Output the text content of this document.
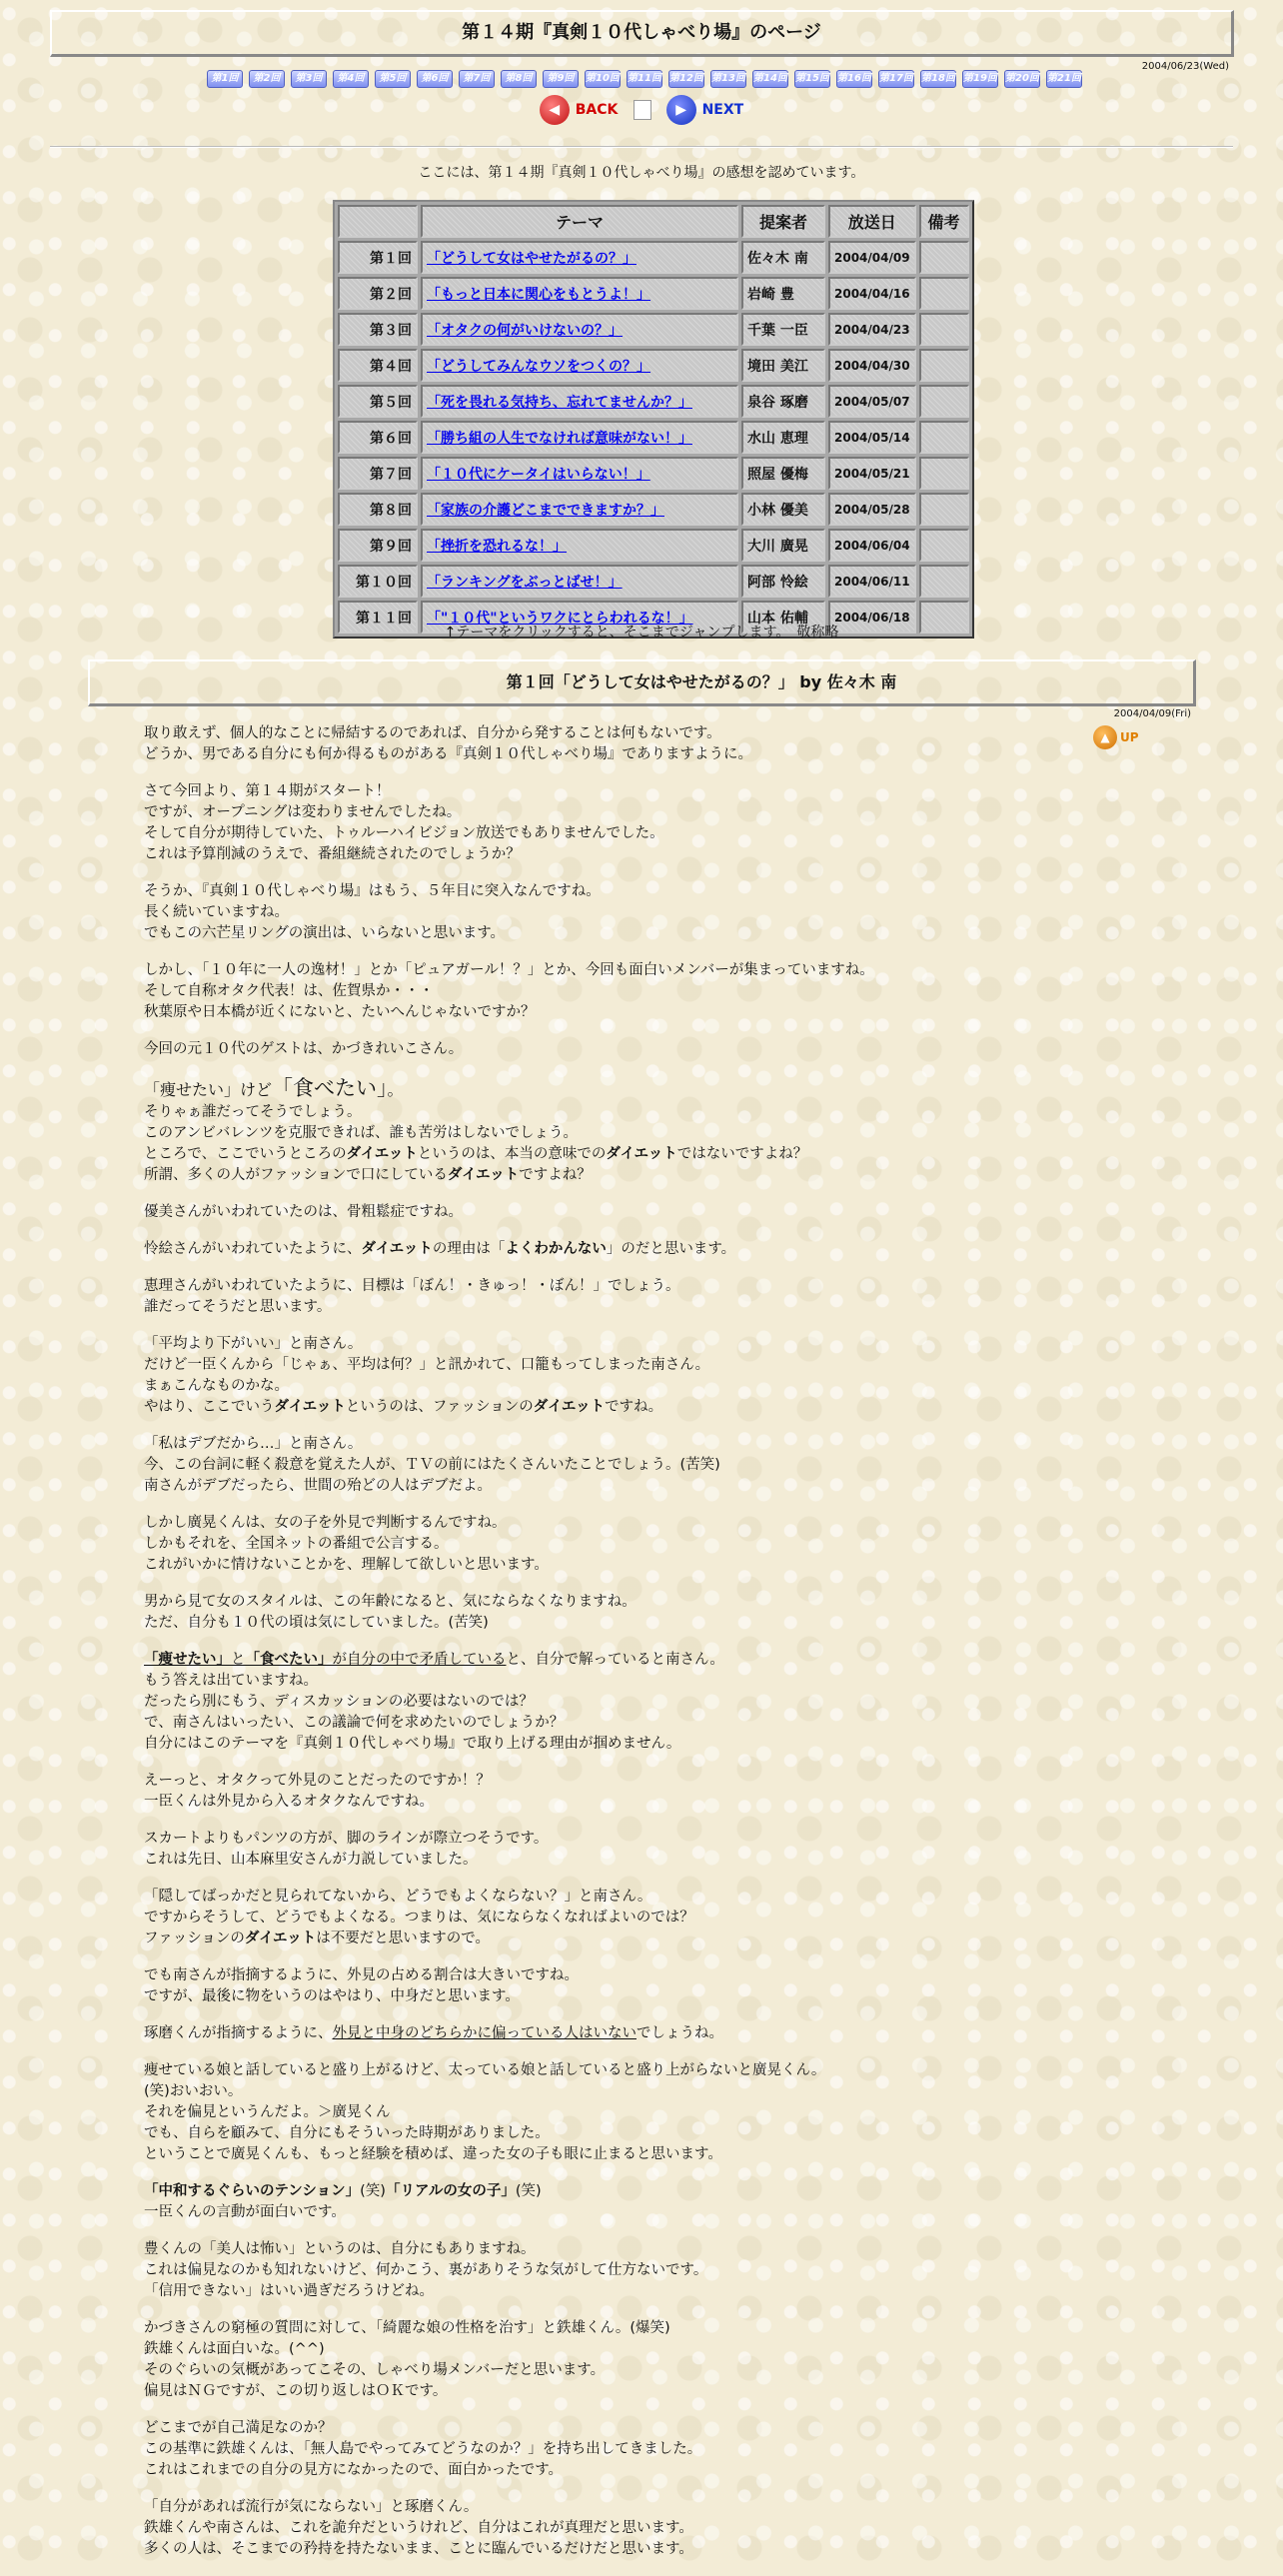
第１４期『真剣１０代しゃべり場』のページ
2004/06/23(Wed)
第1回 第2回 第3回 第4回 第5回 第6回 第7回 第8回 第9回 第10回 第11回 第12回 第13回 第14回 第15回 第16回 第17回 第18回 第19回 第20回 第21回
◀	BACK
	▶	NEXT
ここには、第１４期『真剣１０代しゃべり場』の感想を認めています。
	テーマ	提案者	放送日	備考
第１回	「どうして女はやせたがるの？」	佐々木 南	2004/04/09	
第２回	「もっと日本に関心をもとうよ！」	岩崎 豊	2004/04/16	
第３回	「オタクの何がいけないの？」	千葉 一臣	2004/04/23	
第４回	「どうしてみんなウソをつくの？」	境田 美江	2004/04/30	
第５回	「死を畏れる気持ち、忘れてませんか？」	泉谷 琢磨	2004/05/07	
第６回	「勝ち組の人生でなければ意味がない！」	水山 恵理	2004/05/14	
第７回	「１０代にケータイはいらない！」	照屋 優梅	2004/05/21	
第８回	「家族の介護どこまでできますか？」	小林 優美	2004/05/28	
第９回	「挫折を恐れるな！」	大川 廣晃	2004/06/04	
第１０回	「ランキングをぶっとばせ！」	阿部 怜絵	2004/06/11	
第１１回	「"１０代"というワクにとらわれるな！」	山本 佑輔	2004/06/18	
↑テーマをクリックすると、そこまでジャンプします。　敬称略
第１回「どうして女はやせたがるの？」 by 佐々木 南
2004/04/09(Fri)
▲ UP

取り敢えず、個人的なことに帰結するのであれば、自分から発することは何もないです。
どうか、男である自分にも何か得るものがある『真剣１０代しゃべり場』でありますように。

さて今回より、第１４期がスタート！
ですが、オープニングは変わりませんでしたね。
そして自分が期待していた、トゥルーハイビジョン放送でもありませんでした。
これは予算削減のうえで、番組継続されたのでしょうか？

そうか、『真剣１０代しゃべり場』はもう、５年目に突入なんですね。
長く続いていますね。
でもこの六芒星リングの演出は、いらないと思います。

しかし、「１０年に一人の逸材！」とか「ピュアガール！？」とか、今回も面白いメンバーが集まっていますね。
そして自称オタク代表！は、佐賀県か・・・
秋葉原や日本橋が近くにないと、たいへんじゃないですか？

今回の元１０代のゲストは、かづきれいこさん。

「痩せたい」けど「食べたい」。

そりゃぁ誰だってそうでしょう。
このアンビバレンツを克服できれば、誰も苦労はしないでしょう。
ところで、ここでいうところのダイエットというのは、本当の意味でのダイエットではないですよね？
所謂、多くの人がファッションで口にしているダイエットですよね？

優美さんがいわれていたのは、骨粗鬆症ですね。

怜絵さんがいわれていたように、ダイエットの理由は「よくわかんない」のだと思います。

恵理さんがいわれていたように、目標は「ぼん！・きゅっ！・ぼん！」でしょう。
誰だってそうだと思います。

「平均より下がいい」と南さん。
だけど一臣くんから「じゃぁ、平均は何？」と訊かれて、口籠もってしまった南さん。
まぁこんなものかな。
やはり、ここでいうダイエットというのは、ファッションのダイエットですね。

「私はデブだから…」と南さん。
今、この台詞に軽く殺意を覚えた人が、ＴＶの前にはたくさんいたことでしょう。(苦笑)
南さんがデブだったら、世間の殆どの人はデブだよ。

しかし廣晃くんは、女の子を外見で判断するんですね。
しかもそれを、全国ネットの番組で公言する。
これがいかに情けないことかを、理解して欲しいと思います。

男から見て女のスタイルは、この年齢になると、気にならなくなりますね。
ただ、自分も１０代の頃は気にしていました。(苦笑)

「痩せたい」と「食べたい」が自分の中で矛盾していると、自分で解っていると南さん。
もう答えは出ていますね。
だったら別にもう、ディスカッションの必要はないのでは？
で、南さんはいったい、この議論で何を求めたいのでしょうか？
自分にはこのテーマを『真剣１０代しゃべり場』で取り上げる理由が掴めません。

えーっと、オタクって外見のことだったのですか！？
一臣くんは外見から入るオタクなんですね。

スカートよりもパンツの方が、脚のラインが際立つそうです。
これは先日、山本麻里安さんが力説していました。

「隠してばっかだと見られてないから、どうでもよくならない？」と南さん。
ですからそうして、どうでもよくなる。つまりは、気にならなくなればよいのでは？
ファッションのダイエットは不要だと思いますので。

でも南さんが指摘するように、外見の占める割合は大きいですね。
ですが、最後に物をいうのはやはり、中身だと思います。

琢磨くんが指摘するように、外見と中身のどちらかに偏っている人はいないでしょうね。

痩せている娘と話していると盛り上がるけど、太っている娘と話していると盛り上がらないと廣晃くん。
(笑)おいおい。
それを偏見というんだよ。＞廣晃くん
でも、自らを顧みて、自分にもそういった時期がありました。
ということで廣晃くんも、もっと経験を積めば、違った女の子も眼に止まると思います。

「中和するぐらいのテンション」(笑)「リアルの女の子」(笑)
一臣くんの言動が面白いです。

豊くんの「美人は怖い」というのは、自分にもありますね。
これは偏見なのかも知れないけど、何かこう、裏がありそうな気がして仕方ないです。
「信用できない」はいい過ぎだろうけどね。

かづきさんの窮極の質問に対して、「綺麗な娘の性格を治す」と鉄雄くん。(爆笑)
鉄雄くんは面白いな。(^^)
そのぐらいの気概があってこその、しゃべり場メンバーだと思います。
偏見はＮＧですが、この切り返しはＯＫです。

どこまでが自己満足なのか？
この基準に鉄雄くんは、「無人島でやってみてどうなのか？」を持ち出してきました。
これはこれまでの自分の見方になかったので、面白かったです。

「自分があれば流行が気にならない」と琢磨くん。
鉄雄くんや南さんは、これを詭弁だというけれど、自分はこれが真理だと思います。
多くの人は、そこまでの矜持を持たないまま、ことに臨んでいるだけだと思います。
